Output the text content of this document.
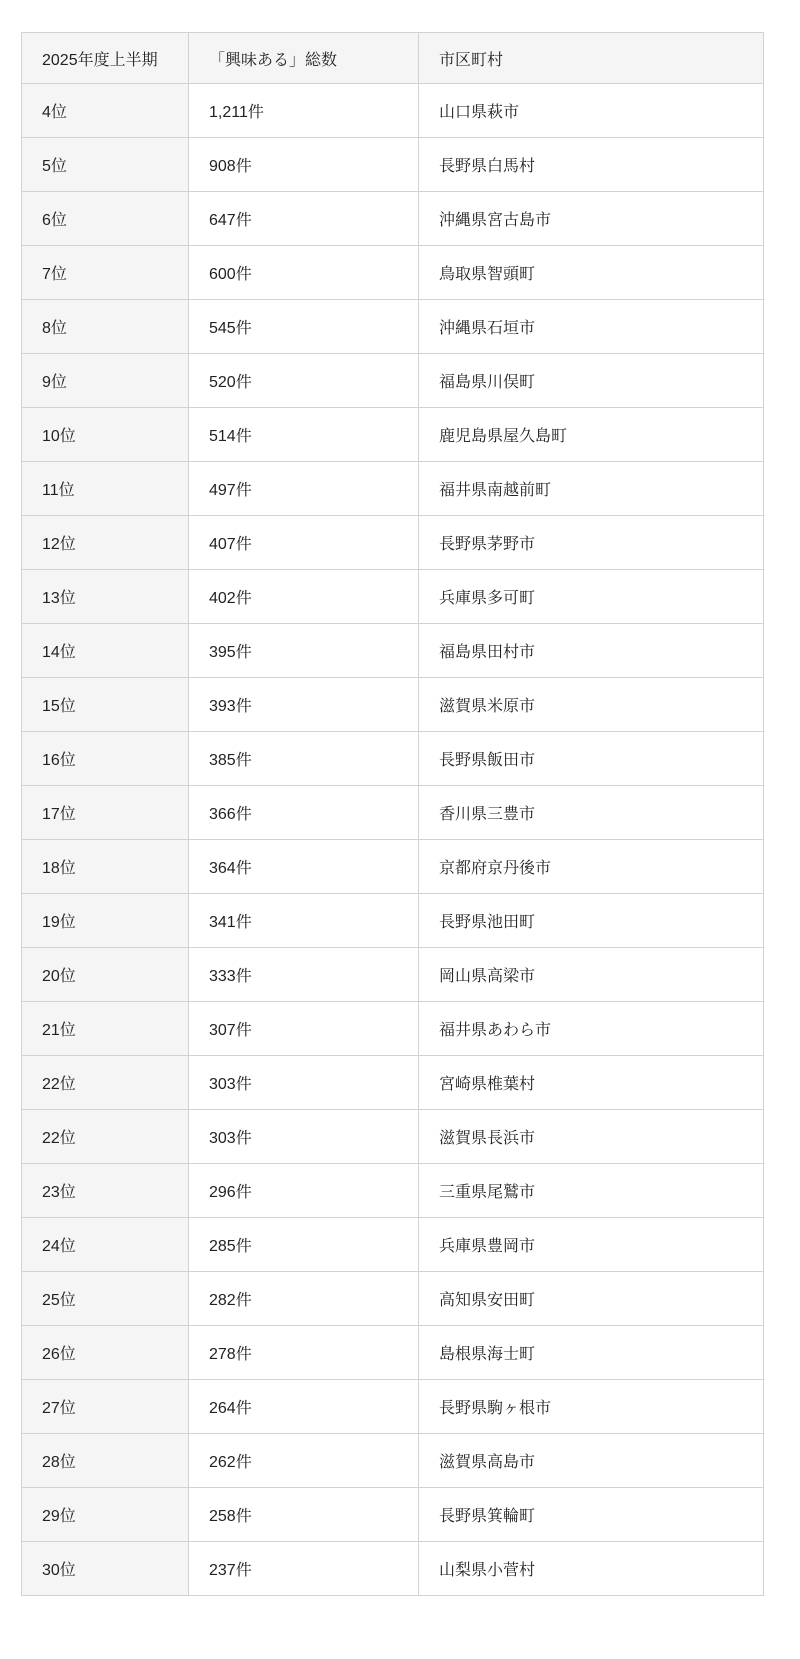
2025年度上半期	「興味ある」総数	市区町村
4位	1,211件	山口県萩市
5位	908件	長野県白馬村
6位	647件	沖縄県宮古島市
7位	600件	鳥取県智頭町
8位	545件	沖縄県石垣市
9位	520件	福島県川俣町
10位	514件	鹿児島県屋久島町
11位	497件	福井県南越前町
12位	407件	長野県茅野市
13位	402件	兵庫県多可町
14位	395件	福島県田村市
15位	393件	滋賀県米原市
16位	385件	長野県飯田市
17位	366件	香川県三豊市
18位	364件	京都府京丹後市
19位	341件	長野県池田町
20位	333件	岡山県高梁市
21位	307件	福井県あわら市
22位	303件	宮崎県椎葉村
22位	303件	滋賀県長浜市
23位	296件	三重県尾鷲市
24位	285件	兵庫県豊岡市
25位	282件	高知県安田町
26位	278件	島根県海士町
27位	264件	長野県駒ヶ根市
28位	262件	滋賀県高島市
29位	258件	長野県箕輪町
30位	237件	山梨県小菅村
